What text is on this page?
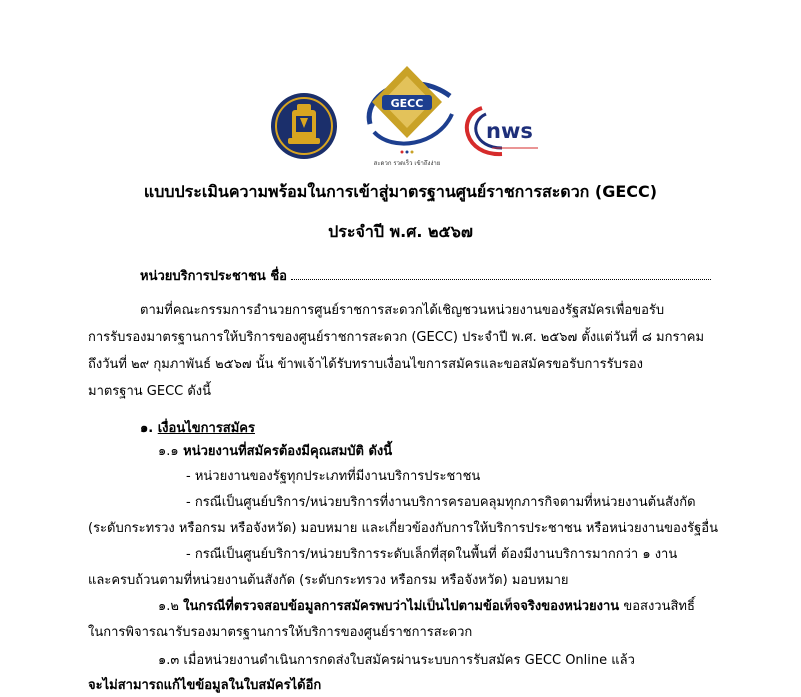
GECC
สะดวก รวดเร็ว เข้าถึงง่าย
nws
แบบประเมินความพร้อมในการเข้าสู่มาตรฐานศูนย์ราชการสะดวก (GECC)
ประจำปี พ.ศ. ๒๕๖๗
หน่วยบริการประชาชน ชื่อ
ตามที่คณะกรรมการอำนวยการศูนย์ราชการสะดวกได้เชิญชวนหน่วยงานของรัฐสมัครเพื่อขอรับ
การรับรองมาตรฐานการให้บริการของศูนย์ราชการสะดวก (GECC) ประจำปี พ.ศ. ๒๕๖๗ ตั้งแต่วันที่ ๘ มกราคม
ถึงวันที่ ๒๙ กุมภาพันธ์ ๒๕๖๗ นั้น ข้าพเจ้าได้รับทราบเงื่อนไขการสมัครและขอสมัครขอรับการรับรอง
มาตรฐาน GECC ดังนี้
๑. เงื่อนไขการสมัคร
๑.๑ หน่วยงานที่สมัครต้องมีคุณสมบัติ ดังนี้
- หน่วยงานของรัฐทุกประเภทที่มีงานบริการประชาชน
- กรณีเป็นศูนย์บริการ/หน่วยบริการที่งานบริการครอบคลุมทุกภารกิจตามที่หน่วยงานต้นสังกัด
(ระดับกระทรวง หรือกรม หรือจังหวัด) มอบหมาย และเกี่ยวข้องกับการให้บริการประชาชน หรือหน่วยงานของรัฐอื่น
- กรณีเป็นศูนย์บริการ/หน่วยบริการระดับเล็กที่สุดในพื้นที่ ต้องมีงานบริการมากกว่า ๑ งาน
และครบถ้วนตามที่หน่วยงานต้นสังกัด (ระดับกระทรวง หรือกรม หรือจังหวัด) มอบหมาย
๑.๒ ในกรณีที่ตรวจสอบข้อมูลการสมัครพบว่าไม่เป็นไปตามข้อเท็จจริงของหน่วยงาน ขอสงวนสิทธิ์
ในการพิจารณารับรองมาตรฐานการให้บริการของศูนย์ราชการสะดวก
๑.๓ เมื่อหน่วยงานดำเนินการกดส่งใบสมัครผ่านระบบการรับสมัคร GECC Online แล้ว
จะไม่สามารถแก้ไขข้อมูลในใบสมัครได้อีก
